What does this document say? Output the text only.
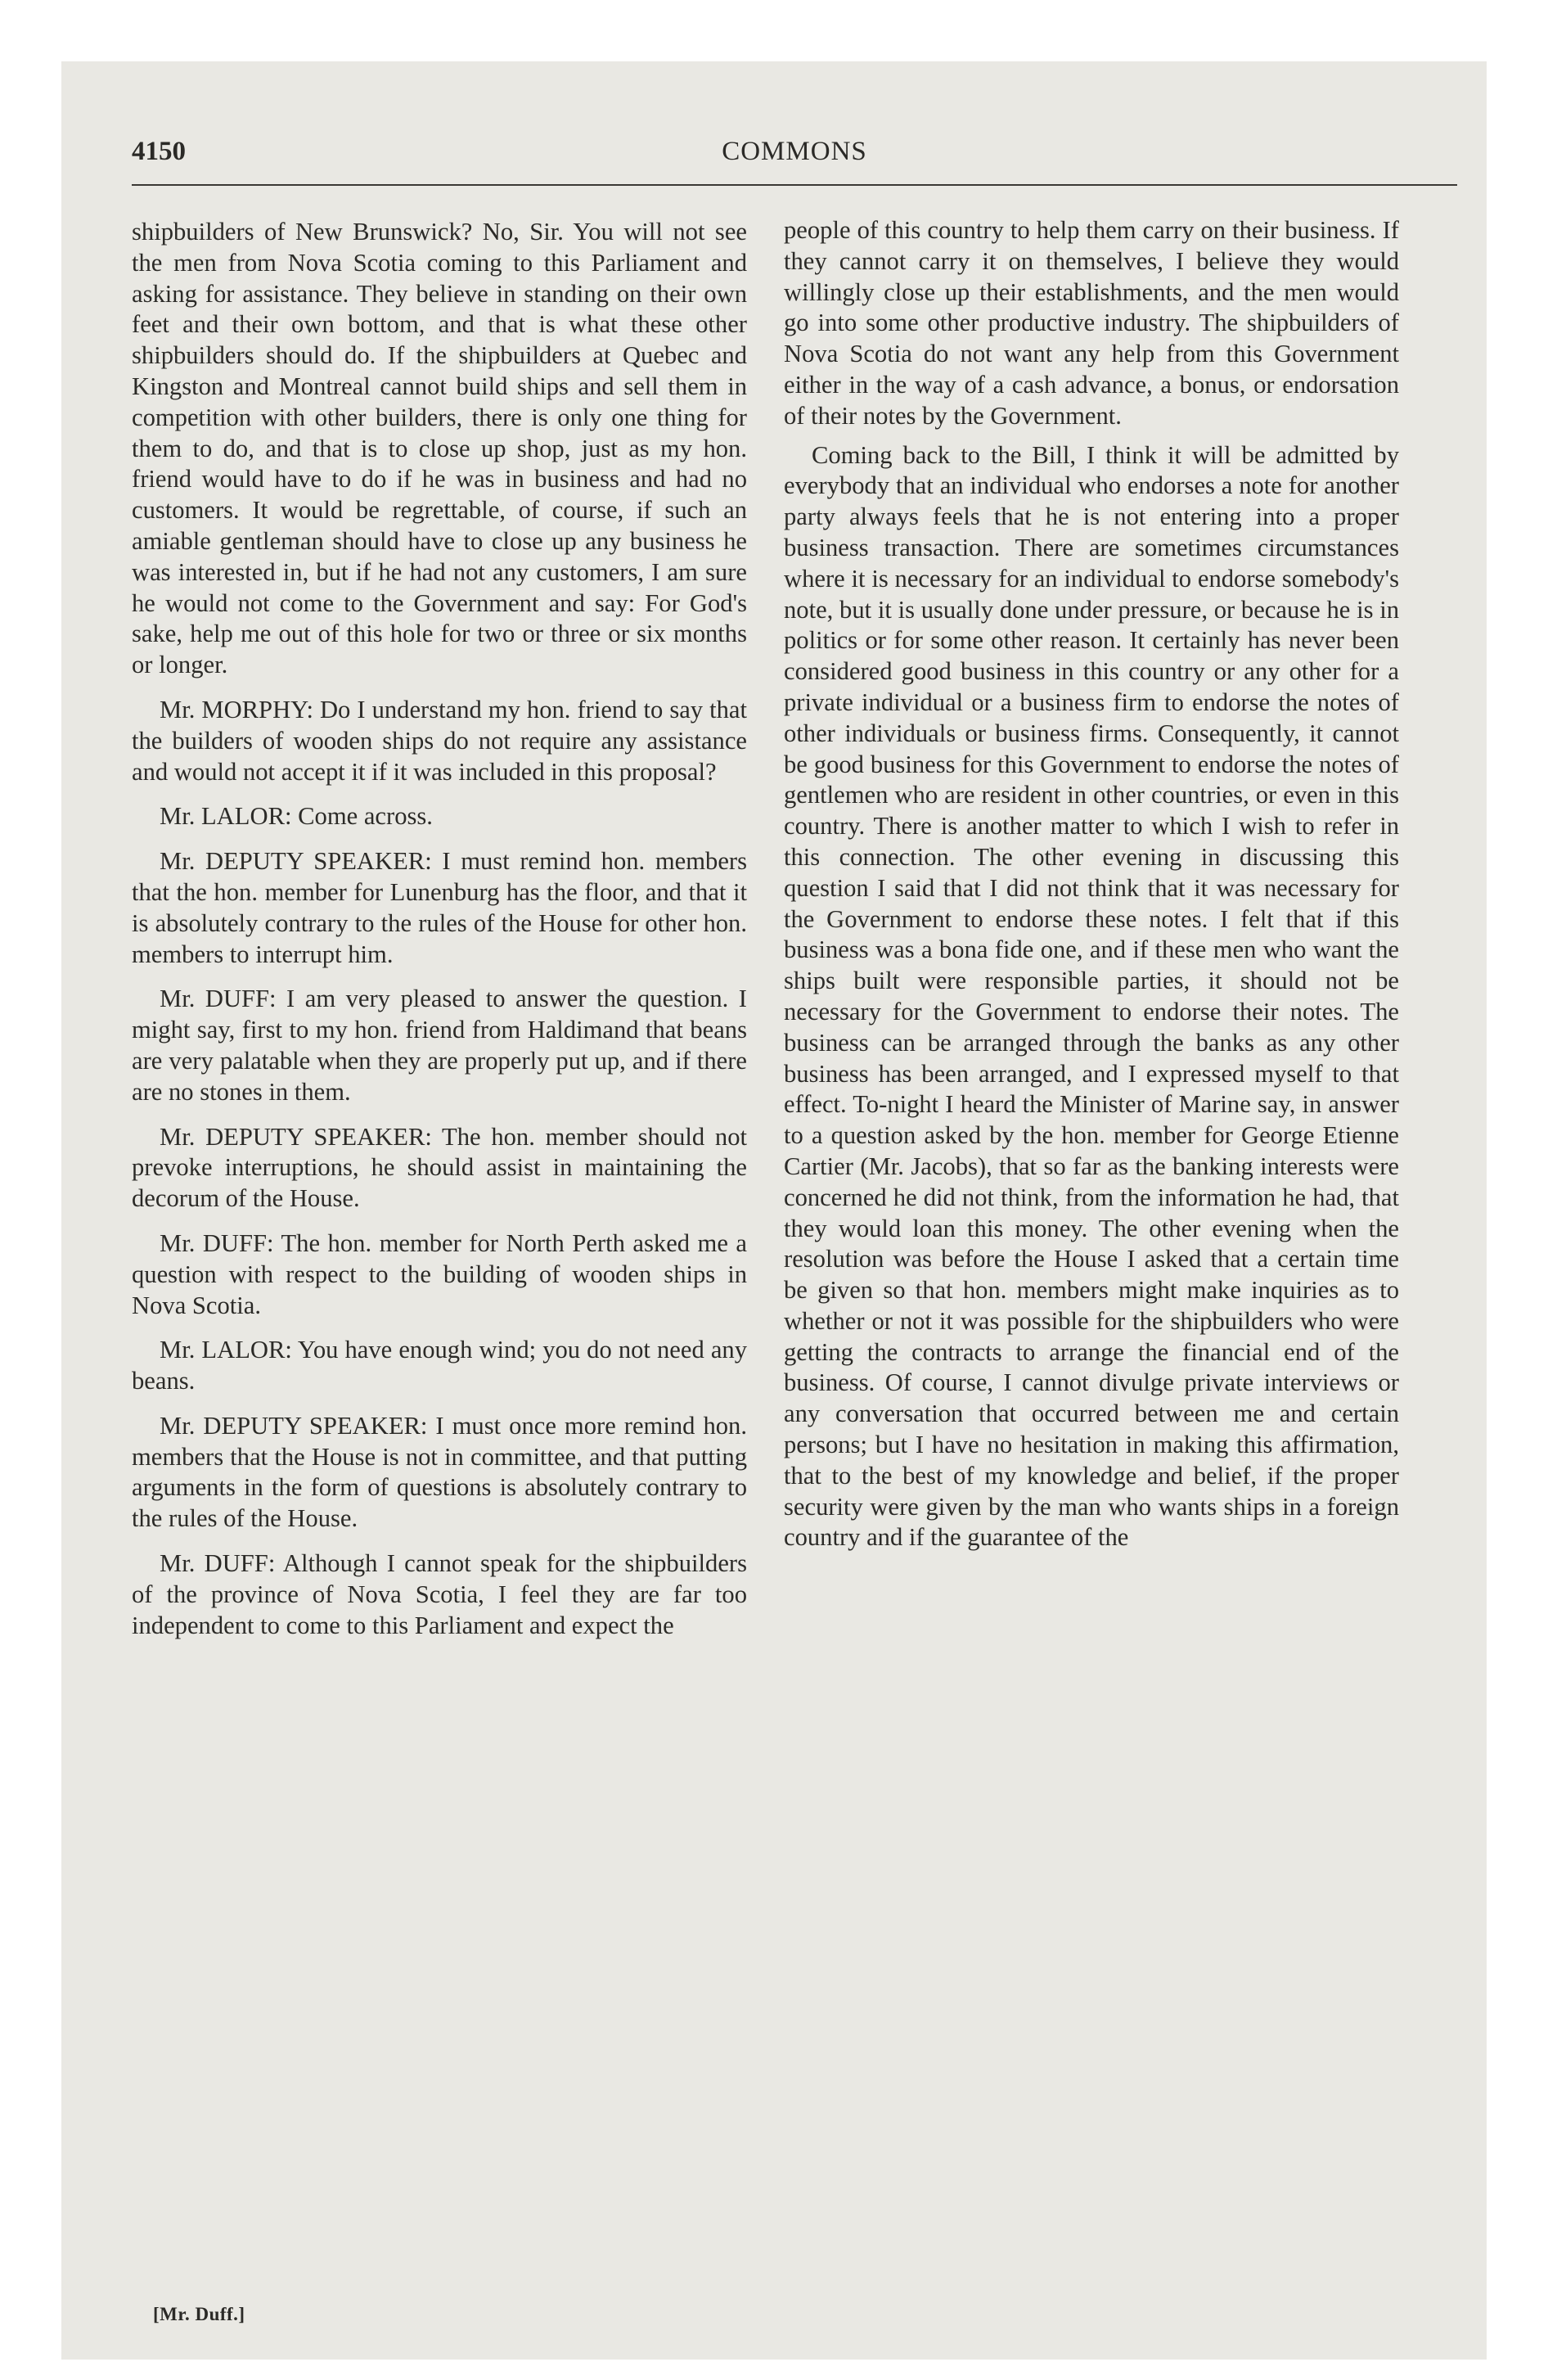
4150	COMMONS

shipbuilders of New Brunswick? No, Sir. You will not see the men from Nova Scotia coming to this Parliament and asking for assistance. They believe in standing on their own feet and their own bottom, and that is what these other shipbuilders should do. If the shipbuilders at Quebec and Kingston and Montreal cannot build ships and sell them in competition with other builders, there is only one thing for them to do, and that is to close up shop, just as my hon. friend would have to do if he was in business and had no customers. It would be regrettable, of course, if such an amiable gentleman should have to close up any business he was interested in, but if he had not any customers, I am sure he would not come to the Government and say: For God's sake, help me out of this hole for two or three or six months or longer.

Mr. MORPHY: Do I understand my hon. friend to say that the builders of wooden ships do not require any assistance and would not accept it if it was included in this proposal?

Mr. LALOR: Come across.

Mr. DEPUTY SPEAKER: I must remind hon. members that the hon. member for Lunenburg has the floor, and that it is absolutely contrary to the rules of the House for other hon. members to interrupt him.

Mr. DUFF: I am very pleased to answer the question. I might say, first to my hon. friend from Haldimand that beans are very palatable when they are properly put up, and if there are no stones in them.

Mr. DEPUTY SPEAKER: The hon. member should not prevoke interruptions, he should assist in maintaining the decorum of the House.

Mr. DUFF: The hon. member for North Perth asked me a question with respect to the building of wooden ships in Nova Scotia.

Mr. LALOR: You have enough wind; you do not need any beans.

Mr. DEPUTY SPEAKER: I must once more remind hon. members that the House is not in committee, and that putting arguments in the form of questions is absolutely contrary to the rules of the House.

Mr. DUFF: Although I cannot speak for the shipbuilders of the province of Nova Scotia, I feel they are far too independent to come to this Parliament and expect the

people of this country to help them carry on their business. If they cannot carry it on themselves, I believe they would willingly close up their establishments, and the men would go into some other productive industry. The shipbuilders of Nova Scotia do not want any help from this Government either in the way of a cash advance, a bonus, or endorsation of their notes by the Government.

Coming back to the Bill, I think it will be admitted by everybody that an individual who endorses a note for another party always feels that he is not entering into a proper business transaction. There are sometimes circumstances where it is necessary for an individual to endorse somebody's note, but it is usually done under pressure, or because he is in politics or for some other reason. It certainly has never been considered good business in this country or any other for a private individual or a business firm to endorse the notes of other individuals or business firms. Consequently, it cannot be good business for this Government to endorse the notes of gentlemen who are resident in other countries, or even in this country. There is another matter to which I wish to refer in this connection. The other evening in discussing this question I said that I did not think that it was necessary for the Government to endorse these notes. I felt that if this business was a bona fide one, and if these men who want the ships built were responsible parties, it should not be necessary for the Government to endorse their notes. The business can be arranged through the banks as any other business has been arranged, and I expressed myself to that effect. To-night I heard the Minister of Marine say, in answer to a question asked by the hon. member for George Etienne Cartier (Mr. Jacobs), that so far as the banking interests were concerned he did not think, from the information he had, that they would loan this money. The other evening when the resolution was before the House I asked that a certain time be given so that hon. members might make inquiries as to whether or not it was possible for the shipbuilders who were getting the contracts to arrange the financial end of the business. Of course, I cannot divulge private interviews or any conversation that occurred between me and certain persons; but I have no hesitation in making this affirmation, that to the best of my knowledge and belief, if the proper security were given by the man who wants ships in a foreign country and if the guarantee of the

[Mr. Duff.]
